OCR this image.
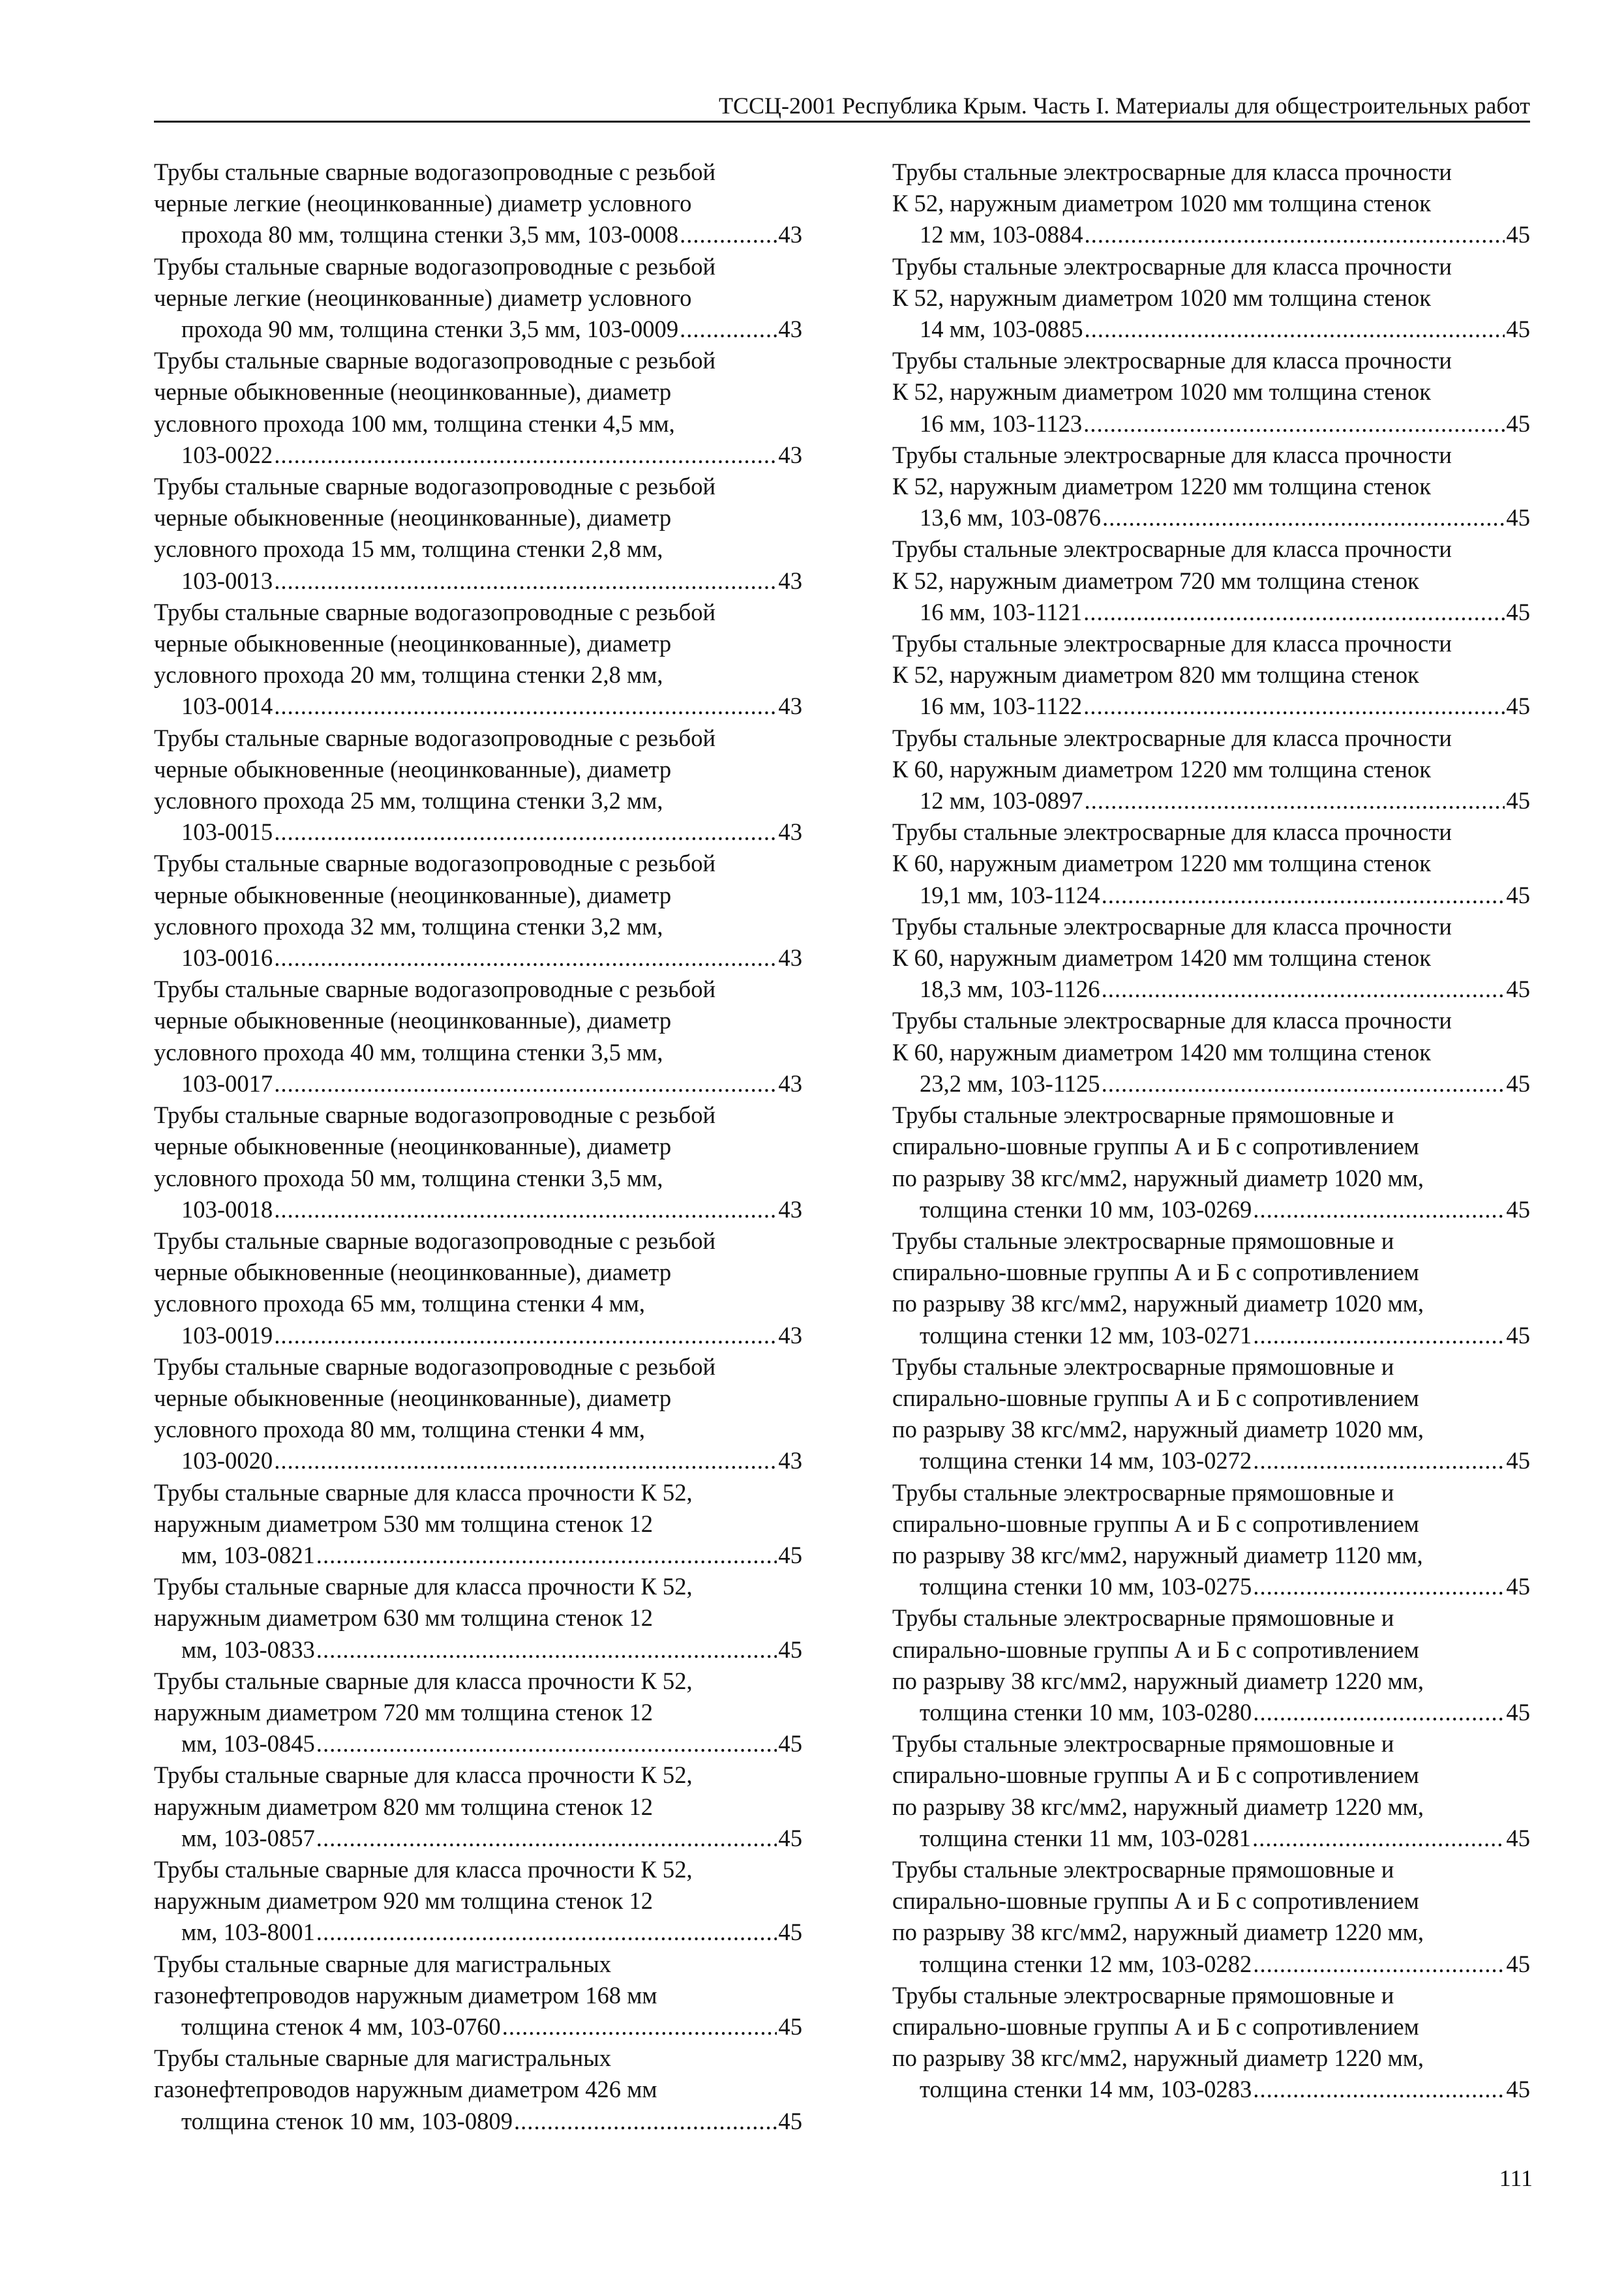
ТССЦ-2001 Республика Крым. Часть I. Материалы для общестроительных работ
Трубы стальные сварные водогазопроводные с резьбой
черные легкие (неоцинкованные) диаметр условного
прохода 80 мм, толщина стенки 3,5 мм, 103-0008 .....	43
Трубы стальные сварные водогазопроводные с резьбой
черные легкие (неоцинкованные) диаметр условного
прохода 90 мм, толщина стенки 3,5 мм, 103-0009 .....	43
Трубы стальные сварные водогазопроводные с резьбой
черные обыкновенные (неоцинкованные), диаметр
условного прохода 100 мм, толщина стенки 4,5 мм,
103-0022 .....	43
Трубы стальные сварные водогазопроводные с резьбой
черные обыкновенные (неоцинкованные), диаметр
условного прохода 15 мм, толщина стенки 2,8 мм,
103-0013 .....	43
Трубы стальные сварные водогазопроводные с резьбой
черные обыкновенные (неоцинкованные), диаметр
условного прохода 20 мм, толщина стенки 2,8 мм,
103-0014 .....	43
Трубы стальные сварные водогазопроводные с резьбой
черные обыкновенные (неоцинкованные), диаметр
условного прохода 25 мм, толщина стенки 3,2 мм,
103-0015 .....	43
Трубы стальные сварные водогазопроводные с резьбой
черные обыкновенные (неоцинкованные), диаметр
условного прохода 32 мм, толщина стенки 3,2 мм,
103-0016 .....	43
Трубы стальные сварные водогазопроводные с резьбой
черные обыкновенные (неоцинкованные), диаметр
условного прохода 40 мм, толщина стенки 3,5 мм,
103-0017 .....	43
Трубы стальные сварные водогазопроводные с резьбой
черные обыкновенные (неоцинкованные), диаметр
условного прохода 50 мм, толщина стенки 3,5 мм,
103-0018 .....	43
Трубы стальные сварные водогазопроводные с резьбой
черные обыкновенные (неоцинкованные), диаметр
условного прохода 65 мм, толщина стенки 4 мм,
103-0019 .....	43
Трубы стальные сварные водогазопроводные с резьбой
черные обыкновенные (неоцинкованные), диаметр
условного прохода 80 мм, толщина стенки 4 мм,
103-0020 .....	43
Трубы стальные сварные для класса прочности К 52,
наружным диаметром 530 мм толщина стенок 12
мм, 103-0821 .....	45
Трубы стальные сварные для класса прочности К 52,
наружным диаметром 630 мм толщина стенок 12
мм, 103-0833 .....	45
Трубы стальные сварные для класса прочности К 52,
наружным диаметром 720 мм толщина стенок 12
мм, 103-0845 .....	45
Трубы стальные сварные для класса прочности К 52,
наружным диаметром 820 мм толщина стенок 12
мм, 103-0857 .....	45
Трубы стальные сварные для класса прочности К 52,
наружным диаметром 920 мм толщина стенок 12
мм, 103-8001 .....	45
Трубы стальные сварные для магистральных
газонефтепроводов наружным диаметром 168 мм
толщина стенок 4 мм, 103-0760 .....	45
Трубы стальные сварные для магистральных
газонефтепроводов наружным диаметром 426 мм
толщина стенок 10 мм, 103-0809 .....	45
Трубы стальные электросварные для класса прочности
К 52, наружным диаметром 1020 мм толщина стенок
12 мм, 103-0884 .....	45
Трубы стальные электросварные для класса прочности
К 52, наружным диаметром 1020 мм толщина стенок
14 мм, 103-0885 .....	45
Трубы стальные электросварные для класса прочности
К 52, наружным диаметром 1020 мм толщина стенок
16 мм, 103-1123 .....	45
Трубы стальные электросварные для класса прочности
К 52, наружным диаметром 1220 мм толщина стенок
13,6 мм, 103-0876 .....	45
Трубы стальные электросварные для класса прочности
К 52, наружным диаметром 720 мм толщина стенок
16 мм, 103-1121 .....	45
Трубы стальные электросварные для класса прочности
К 52, наружным диаметром 820 мм толщина стенок
16 мм, 103-1122 .....	45
Трубы стальные электросварные для класса прочности
К 60, наружным диаметром 1220 мм толщина стенок
12 мм, 103-0897 .....	45
Трубы стальные электросварные для класса прочности
К 60, наружным диаметром 1220 мм толщина стенок
19,1 мм, 103-1124 .....	45
Трубы стальные электросварные для класса прочности
К 60, наружным диаметром 1420 мм толщина стенок
18,3 мм, 103-1126 .....	45
Трубы стальные электросварные для класса прочности
К 60, наружным диаметром 1420 мм толщина стенок
23,2 мм, 103-1125 .....	45
Трубы стальные электросварные прямошовные и
спирально-шовные группы А и Б с сопротивлением
по разрыву 38 кгс/мм2, наружный диаметр 1020 мм,
толщина стенки 10 мм, 103-0269 .....	45
Трубы стальные электросварные прямошовные и
спирально-шовные группы А и Б с сопротивлением
по разрыву 38 кгс/мм2, наружный диаметр 1020 мм,
толщина стенки 12 мм, 103-0271 .....	45
Трубы стальные электросварные прямошовные и
спирально-шовные группы А и Б с сопротивлением
по разрыву 38 кгс/мм2, наружный диаметр 1020 мм,
толщина стенки 14 мм, 103-0272 .....	45
Трубы стальные электросварные прямошовные и
спирально-шовные группы А и Б с сопротивлением
по разрыву 38 кгс/мм2, наружный диаметр 1120 мм,
толщина стенки 10 мм, 103-0275 .....	45
Трубы стальные электросварные прямошовные и
спирально-шовные группы А и Б с сопротивлением
по разрыву 38 кгс/мм2, наружный диаметр 1220 мм,
толщина стенки 10 мм, 103-0280 .....	45
Трубы стальные электросварные прямошовные и
спирально-шовные группы А и Б с сопротивлением
по разрыву 38 кгс/мм2, наружный диаметр 1220 мм,
толщина стенки 11 мм, 103-0281 .....	45
Трубы стальные электросварные прямошовные и
спирально-шовные группы А и Б с сопротивлением
по разрыву 38 кгс/мм2, наружный диаметр 1220 мм,
толщина стенки 12 мм, 103-0282 .....	45
Трубы стальные электросварные прямошовные и
спирально-шовные группы А и Б с сопротивлением
по разрыву 38 кгс/мм2, наружный диаметр 1220 мм,
толщина стенки 14 мм, 103-0283 .....	45
111
